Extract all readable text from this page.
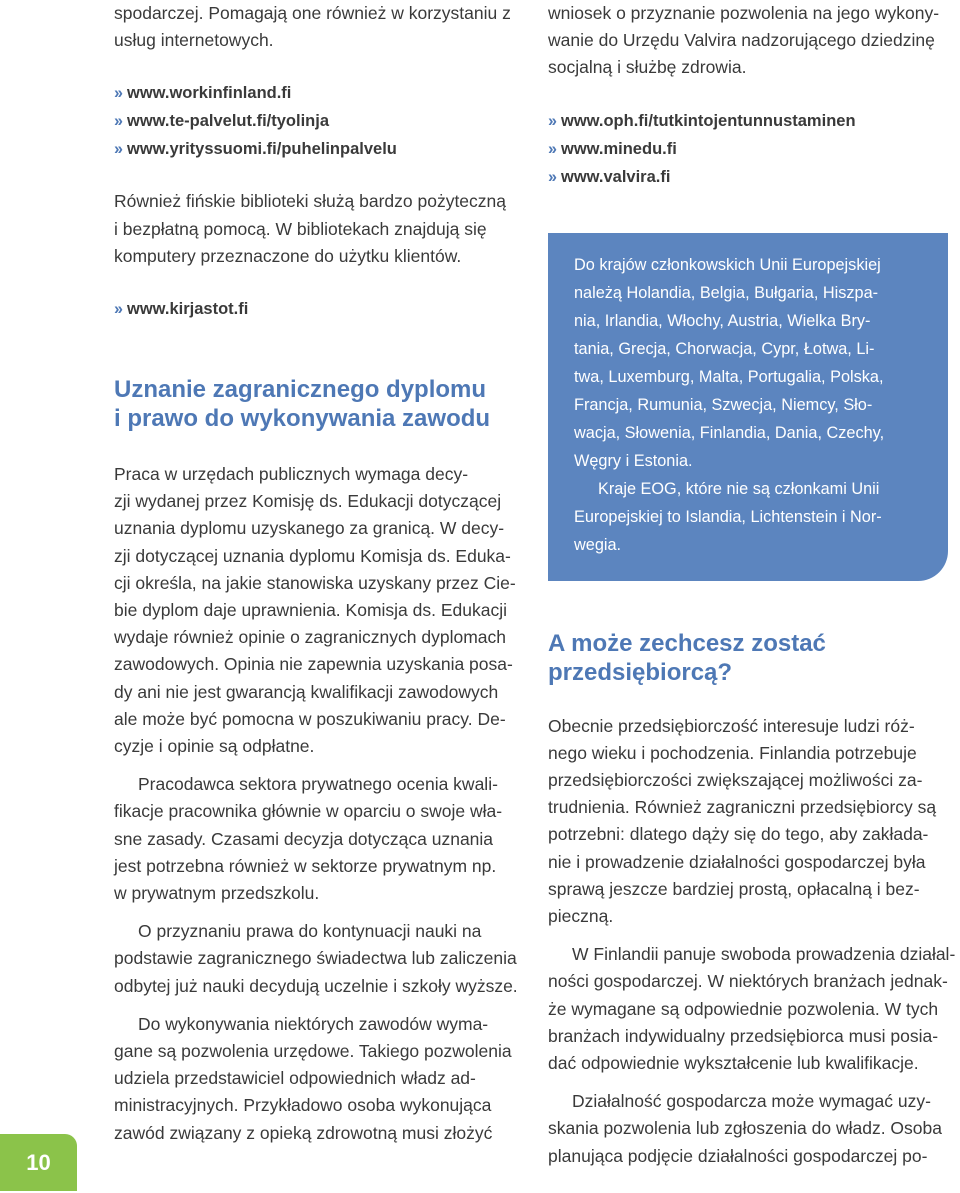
spodarczej. Pomagają one również w korzystaniu z
usług internetowych.
›› www.workinfinland.fi
›› www.te-palvelut.fi/tyolinja
›› www.yrityssuomi.fi/puhelinpalvelu
Również fińskie biblioteki służą bardzo pożyteczną
i bezpłatną pomocą. W bibliotekach znajdują się
komputery przeznaczone do użytku klientów.
›› www.kirjastot.fi
Uznanie zagranicznego dyplomu
i prawo do wykonywania zawodu
Praca w urzędach publicznych wymaga decy-
zji wydanej przez Komisję ds. Edukacji dotyczącej
uznania dyplomu uzyskanego za granicą. W decy-
zji dotyczącej uznania dyplomu Komisja ds. Eduka-
cji określa, na jakie stanowiska uzyskany przez Cie-
bie dyplom daje uprawnienia. Komisja ds. Edukacji
wydaje również opinie o zagranicznych dyplomach
zawodowych. Opinia nie zapewnia uzyskania posa-
dy ani nie jest gwarancją kwalifikacji zawodowych
ale może być pomocna w poszukiwaniu pracy. De-
cyzje i opinie są odpłatne.
Pracodawca sektora prywatnego ocenia kwali-
fikacje pracownika głównie w oparciu o swoje wła-
sne zasady. Czasami decyzja dotycząca uznania
jest potrzebna również w sektorze prywatnym np.
w prywatnym przedszkolu.
O przyznaniu prawa do kontynuacji nauki na
podstawie zagranicznego świadectwa lub zaliczenia
odbytej już nauki decydują uczelnie i szkoły wyższe.
Do wykonywania niektórych zawodów wyma-
gane są pozwolenia urzędowe. Takiego pozwolenia
udziela przedstawiciel odpowiednich władz ad-
ministracyjnych. Przykładowo osoba wykonująca
zawód związany z opieką zdrowotną musi złożyć
wniosek o przyznanie pozwolenia na jego wykony-
wanie do Urzędu Valvira nadzorującego dziedzinę
socjalną i służbę zdrowia.
›› www.oph.fi/tutkintojentunnustaminen
›› www.minedu.fi
›› www.valvira.fi
Do krajów członkowskich Unii Europejskiej
należą Holandia, Belgia, Bułgaria, Hiszpa-
nia, Irlandia, Włochy, Austria, Wielka Bry-
tania, Grecja, Chorwacja, Cypr, Łotwa, Li-
twa, Luxemburg, Malta, Portugalia, Polska,
Francja, Rumunia, Szwecja, Niemcy, Sło-
wacja, Słowenia, Finlandia, Dania, Czechy,
Węgry i Estonia.
Kraje EOG, które nie są członkami Unii
Europejskiej to Islandia, Lichtenstein i Nor-
wegia.
A może zechcesz zostać
przedsiębiorcą?
Obecnie przedsiębiorczość interesuje ludzi róż-
nego wieku i pochodzenia. Finlandia potrzebuje
przedsiębiorczości zwiększającej możliwości za-
trudnienia. Również zagraniczni przedsiębiorcy są
potrzebni: dlatego dąży się do tego, aby zakłada-
nie i prowadzenie działalności gospodarczej była
sprawą jeszcze bardziej prostą, opłacalną i bez-
pieczną.
W Finlandii panuje swoboda prowadzenia działal-
ności gospodarczej. W niektórych branżach jednak-
że wymagane są odpowiednie pozwolenia. W tych
branżach indywidualny przedsiębiorca musi posia-
dać odpowiednie wykształcenie lub kwalifikacje.
Działalność gospodarcza może wymagać uzy-
skania pozwolenia lub zgłoszenia do władz. Osoba
planująca podjęcie działalności gospodarczej po-
10
